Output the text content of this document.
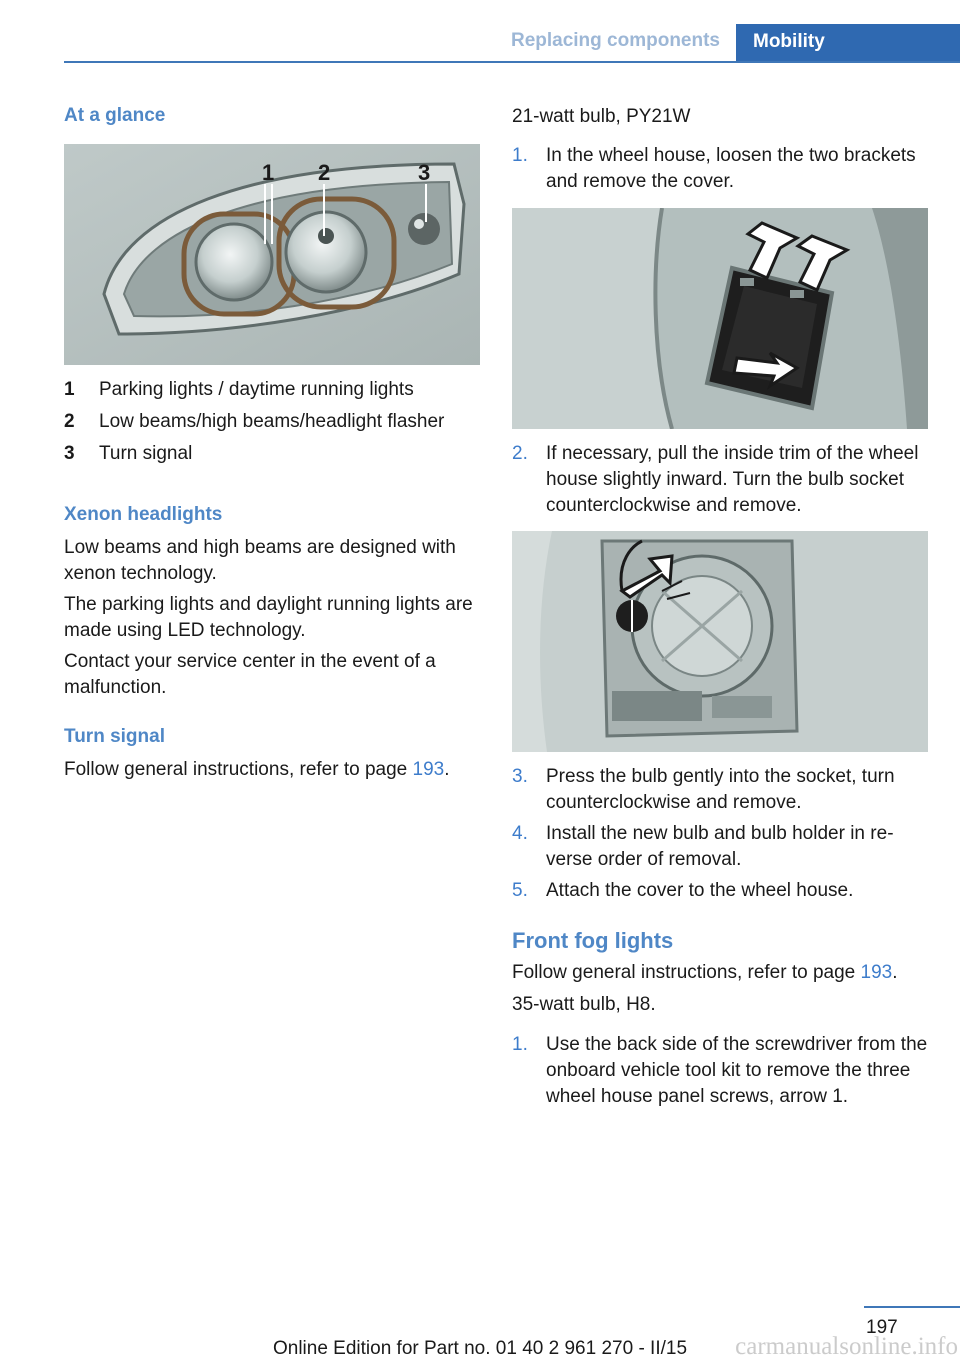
Replacing components	Mobility
At a glance
1 2	3
1 Parking lights / daytime running lights
2 Low beams/high beams/headlight flasher
3 Turn signal
Xenon headlights
Low beams and high beams are designed with xenon technology.
The parking lights and daylight running lights are made using LED technology.
Contact your service center in the event of a malfunction.
Turn signal
Follow general instructions, refer to page 193.
21-watt bulb, PY21W
1. In the wheel house, loosen the two brackets and remove the cover.
2. If necessary, pull the inside trim of the wheel house slightly inward. Turn the bulb socket counterclockwise and remove.
3. Press the bulb gently into the socket, turn counterclockwise and remove.
4. Install the new bulb and bulb holder in reverse order of removal.
5. Attach the cover to the wheel house.
Front fog lights
Follow general instructions, refer to page 193.
35-watt bulb, H8.
1. Use the back side of the screwdriver from the onboard vehicle tool kit to remove the three wheel house panel screws, arrow 1.
197
Online Edition for Part no. 01 40 2 961 270 - II/15	carmanualsonline.info
